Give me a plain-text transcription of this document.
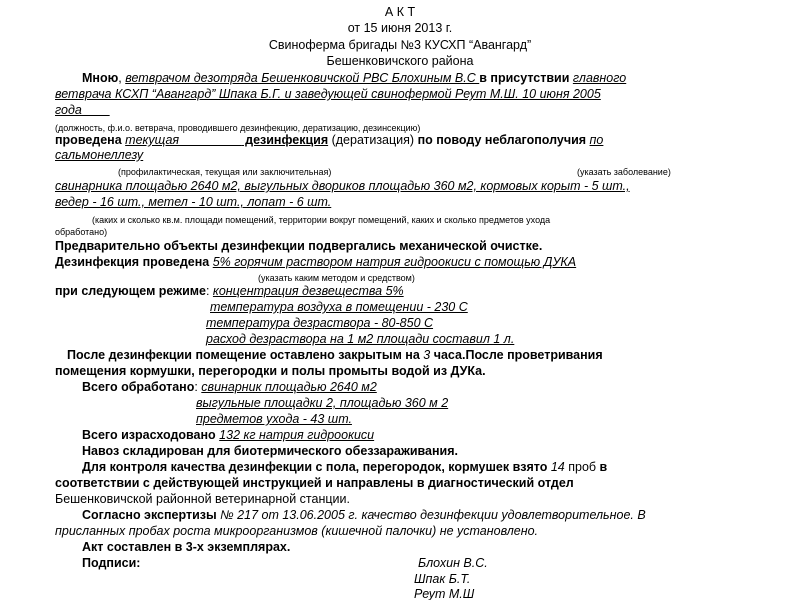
А К Т
от 15 июня 2013 г.
Свиноферма бригады №3 КУСХП “Авангард”
Бешенковичского района
Мною, ветврачом дезотряда Бешенковичской РВС Блохиным В.С в присутствии главного
ветврача КСХП “Авангард” Шпака Б.Г. и заведующей свинофермой Реут М.Ш. 10 июня 2005
года____
(должность, ф.и.о. ветврача, проводившего дезинфекцию, дератизацию, дезинсекцию)
проведена текущая_________ дезинфекция (дератизация) по поводу неблагополучия по
сальмонеллезу
(профилактическая, текущая или заключительная)	(указать заболевание)
свинарника площадью 2640 м2, выгульных дворикoв площадью 360 м2, кормовых корыт - 5 шт.,
ведер - 16 шт., метел - 10 шт., лопат - 6 шт.
(каких и сколько кв.м. площади помещений, территории вокруг помещений, каких и сколько предметов ухода
обработано)
Предварительно объекты дезинфекции подвергались механической очистке.
Дезинфекция проведена 5% горячим раствором натрия гидроокиси с помощью ДУКА
(указать каким методом и средством)
при следующем режиме: концентрация дезвещества 5%
температура воздуха в помещении - 230 С
температура дезраствора - 80-850 С
расход дезраствора на 1 м2 площади составил 1 л.
После дезинфекции помещение оставлено закрытым на 3 часа.После проветривания
помещения кормушки, перегородки и полы промыты водой из ДУКа.
Всего обработано: свинарник площадью 2640 м2
выгульные площадки 2, площадью 360 м 2
предметов ухода - 43 шт.
Всего израсходовано 132 кг натрия гидроокиси
Навоз складирован для биотермического обеззараживания.
Для контроля качества дезинфекции с пола, перегородок, кормушек взято 14 проб в
соответствии с действующей инструкцией и направлены в диагностический отдел
Бешенковичской районной ветеринарной станции.
Согласно экспертизы № 217 от 13.06.2005 г. качество дезинфекции удовлетворительное. В
присланных пробах роста микроорганизмов (кишечной палочки) не установлено.
Акт составлен в 3-х экземплярах.
Подписи:	Блохин В.С.
Шпак Б.Т.
Реут М.Ш
